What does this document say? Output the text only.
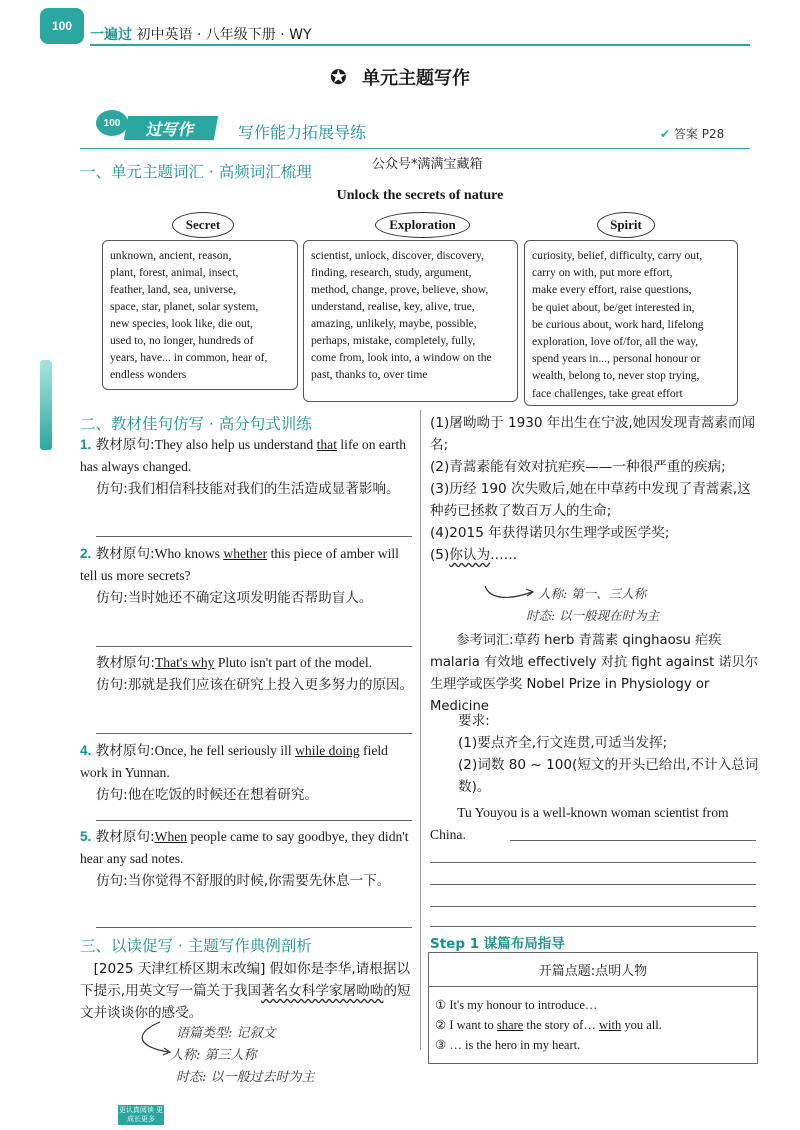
100
一遍过 初中英语 · 八年级下册 · WY
✪ 单元主题写作
100	过写作	写作能力拓展导练	✔ 答案 P28
一、单元主题词汇 · 高频词汇梳理	公众号*满满宝藏箱
Unlock the secrets of nature
Secret	Exploration	Spirit
unknown, ancient, reason,
plant, forest, animal, insect,
feather, land, sea, universe,
space, star, planet, solar system,
new species, look like, die out,
used to, no longer, hundreds of
years, have... in common, hear of,
endless wonders
scientist, unlock, discover, discovery,
finding, research, study, argument,
method, change, prove, believe, show,
understand, realise, key, alive, true,
amazing, unlikely, maybe, possible,
perhaps, mistake, completely, fully,
come from, look into, a window on the
past, thanks to, over time
curiosity, belief, difficulty, carry out,
carry on with, put more effort,
make every effort, raise questions,
be quiet about, be/get interested in,
be curious about, work hard, lifelong
exploration, love of/for, all the way,
spend years in..., personal honour or
wealth, belong to, never stop trying,
face challenges, take great effort
二、教材佳句仿写 · 高分句式训练
1. 教材原句:They also help us understand that life on earth has always changed.
仿句:我们相信科技能对我们的生活造成显著影响。
2. 教材原句:Who knows whether this piece of amber will tell us more secrets?
仿句:当时她还不确定这项发明能否帮助盲人。
教材原句:That's why Pluto isn't part of the model.
仿句:那就是我们应该在研究上投入更多努力的原因。
4. 教材原句:Once, he fell seriously ill while doing field work in Yunnan.
仿句:他在吃饭的时候还在想着研究。
5. 教材原句:When people came to say goodbye, they didn't hear any sad notes.
仿句:当你觉得不舒服的时候,你需要先休息一下。
三、以读促写 · 主题写作典例剖析
[2025 天津红桥区期末改编] 假如你是李华,请根据以下提示,用英文写一篇关于我国著名女科学家屠呦呦的短文并谈谈你的感受。
语篇类型: 记叙文
人称: 第三人称
时态: 以一般过去时为主
(1)屠呦呦于 1930 年出生在宁波,她因发现青蒿素而闻名;
(2)青蒿素能有效对抗疟疾——一种很严重的疾病;
(3)历经 190 次失败后,她在中草药中发现了青蒿素,这种药已拯救了数百万人的生命;
(4)2015 年获得诺贝尔生理学或医学奖;
(5)你认为……
人称: 第一、三人称
时态: 以一般现在时为主
参考词汇:草药 herb 青蒿素 qinghaosu 疟疾 malaria 有效地 effectively 对抗 fight against 诺贝尔生理学或医学奖 Nobel Prize in Physiology or Medicine
要求:
(1)要点齐全,行文连贯,可适当发挥;
(2)词数 80 ~ 100(短文的开头已给出,不计入总词数)。
Tu Youyou is a well-known woman scientist from China.
Step 1 谋篇布局指导
开篇点题:点明人物
① It's my honour to introduce…
② I want to share the story of… with you all.
③ … is the hero in my heart.
更认真阅读 更成长更多
